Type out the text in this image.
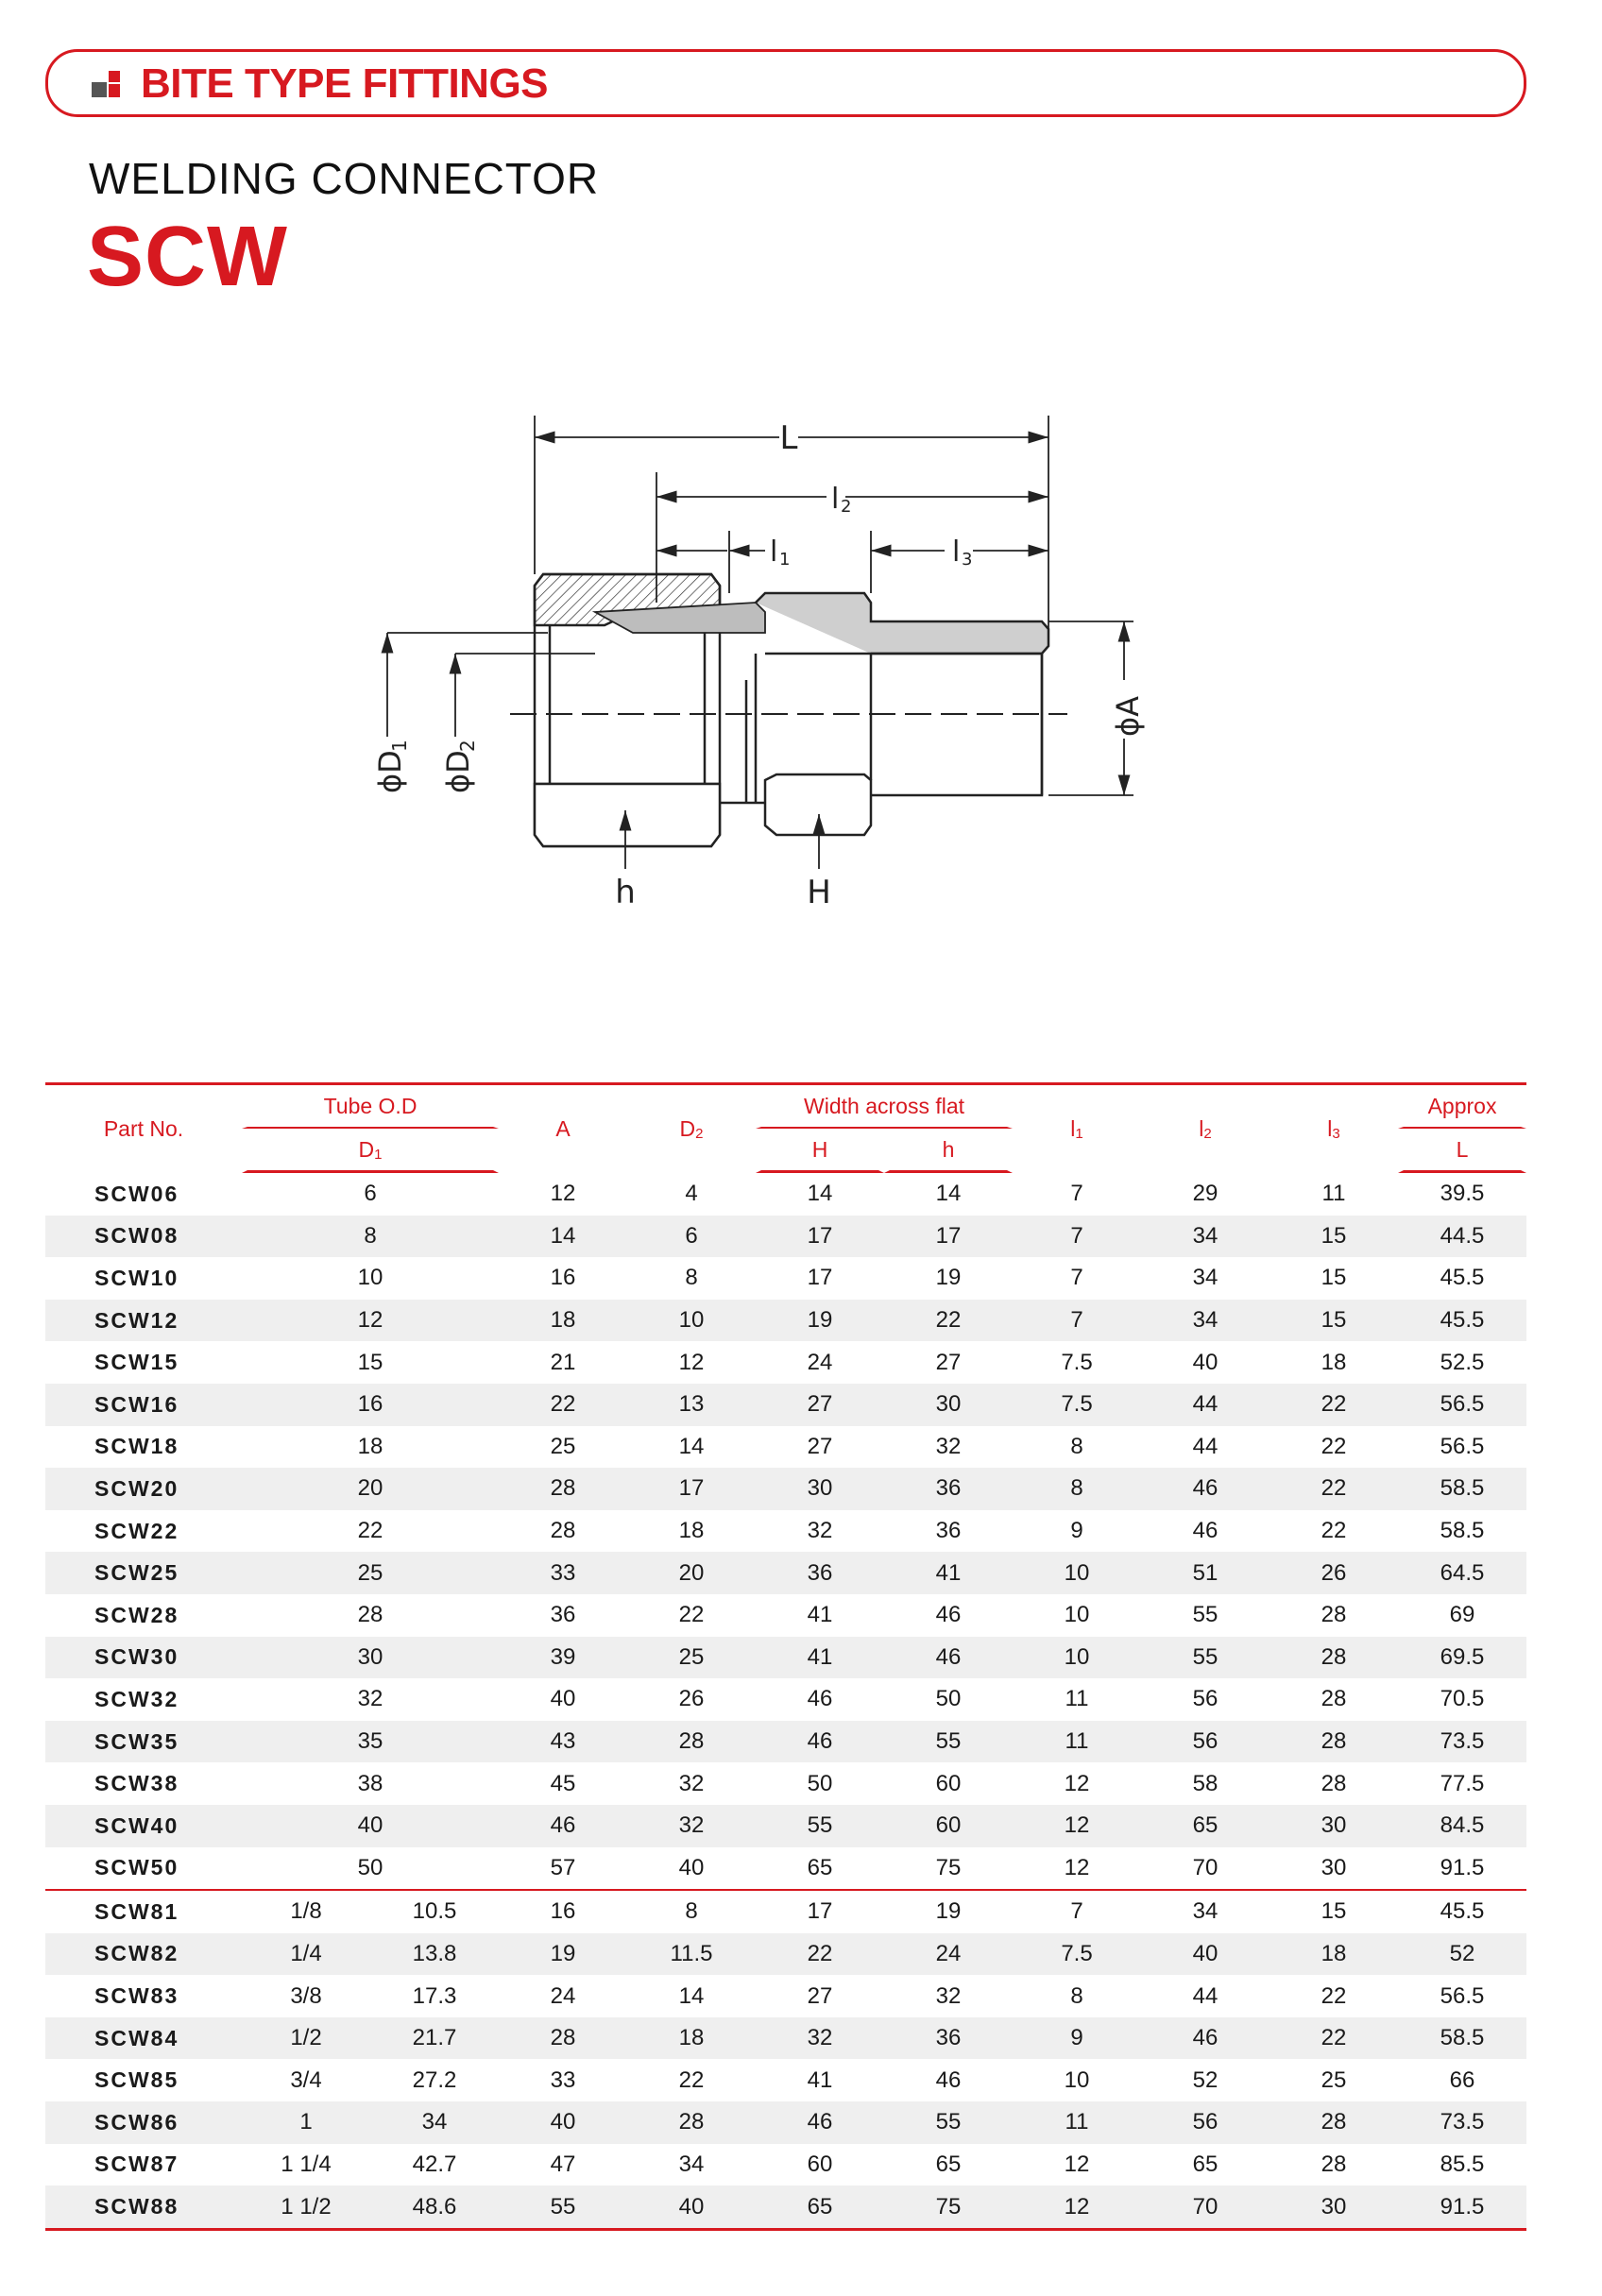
BITE TYPE FITTINGS
WELDING CONNECTOR
SCW
L
l 2
l 1	l 3
h	H
ϕD
1
ϕD
2
ϕA
Part No.	Tube O.D		A	D2	Width across flat		l1	l2	l3	Approx
	D1				H	h				L
SCW06	6		12	4	14	14	7	29	11	39.5
SCW08	8		14	6	17	17	7	34	15	44.5
SCW10	10		16	8	17	19	7	34	15	45.5
SCW12	12		18	10	19	22	7	34	15	45.5
SCW15	15		21	12	24	27	7.5	40	18	52.5
SCW16	16		22	13	27	30	7.5	44	22	56.5
SCW18	18		25	14	27	32	8	44	22	56.5
SCW20	20		28	17	30	36	8	46	22	58.5
SCW22	22		28	18	32	36	9	46	22	58.5
SCW25	25		33	20	36	41	10	51	26	64.5
SCW28	28		36	22	41	46	10	55	28	69
SCW30	30		39	25	41	46	10	55	28	69.5
SCW32	32		40	26	46	50	11	56	28	70.5
SCW35	35		43	28	46	55	11	56	28	73.5
SCW38	38		45	32	50	60	12	58	28	77.5
SCW40	40		46	32	55	60	12	65	30	84.5
SCW50	50		57	40	65	75	12	70	30	91.5
SCW81	1/8	10.5	16	8	17	19	7	34	15	45.5
SCW82	1/4	13.8	19	11.5	22	24	7.5	40	18	52
SCW83	3/8	17.3	24	14	27	32	8	44	22	56.5
SCW84	1/2	21.7	28	18	32	36	9	46	22	58.5
SCW85	3/4	27.2	33	22	41	46	10	52	25	66
SCW86	1	34	40	28	46	55	11	56	28	73.5
SCW87	1 1/4	42.7	47	34	60	65	12	65	28	85.5
SCW88	1 1/2	48.6	55	40	65	75	12	70	30	91.5
